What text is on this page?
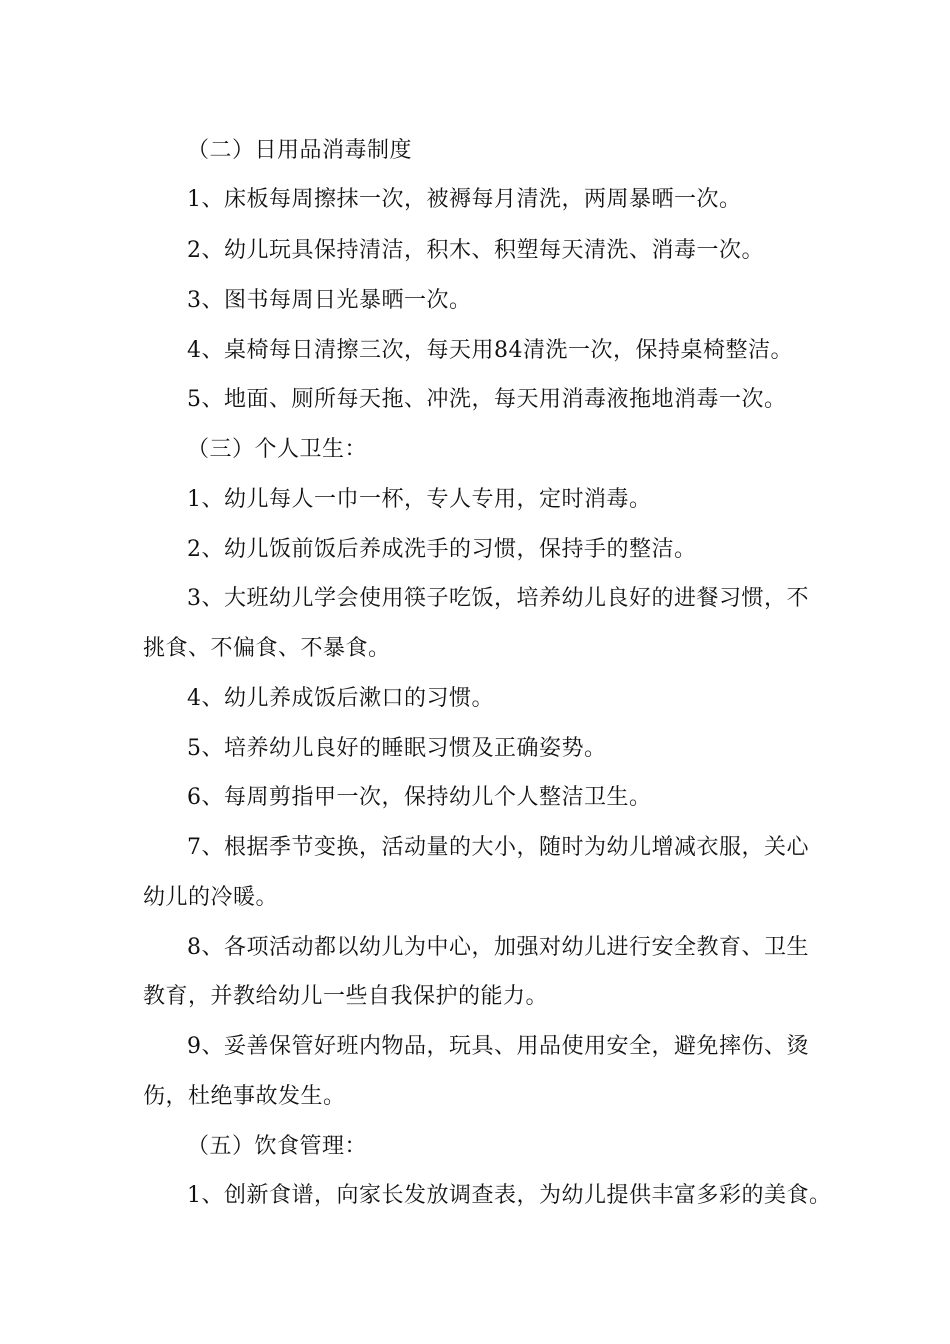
（二）日用品消毒制度
1、床板每周擦抹一次，被褥每月清洗，两周暴晒一次。
2、幼儿玩具保持清洁，积木、积塑每天清洗、消毒一次。
3、图书每周日光暴晒一次。
4、桌椅每日清擦三次，每天用84清洗一次，保持桌椅整洁。
5、地面、厕所每天拖、冲洗，每天用消毒液拖地消毒一次。
（三）个人卫生：
1、幼儿每人一巾一杯，专人专用，定时消毒。
2、幼儿饭前饭后养成洗手的习惯，保持手的整洁。
3、大班幼儿学会使用筷子吃饭，培养幼儿良好的进餐习惯，不
挑食、不偏食、不暴食。
4、幼儿养成饭后漱口的习惯。
5、培养幼儿良好的睡眠习惯及正确姿势。
6、每周剪指甲一次，保持幼儿个人整洁卫生。
7、根据季节变换，活动量的大小，随时为幼儿增减衣服，关心
幼儿的冷暖。
8、各项活动都以幼儿为中心，加强对幼儿进行安全教育、卫生
教育，并教给幼儿一些自我保护的能力。
9、妥善保管好班内物品，玩具、用品使用安全，避免摔伤、烫
伤，杜绝事故发生。
（五）饮食管理：
1、创新食谱，向家长发放调查表，为幼儿提供丰富多彩的美食。
